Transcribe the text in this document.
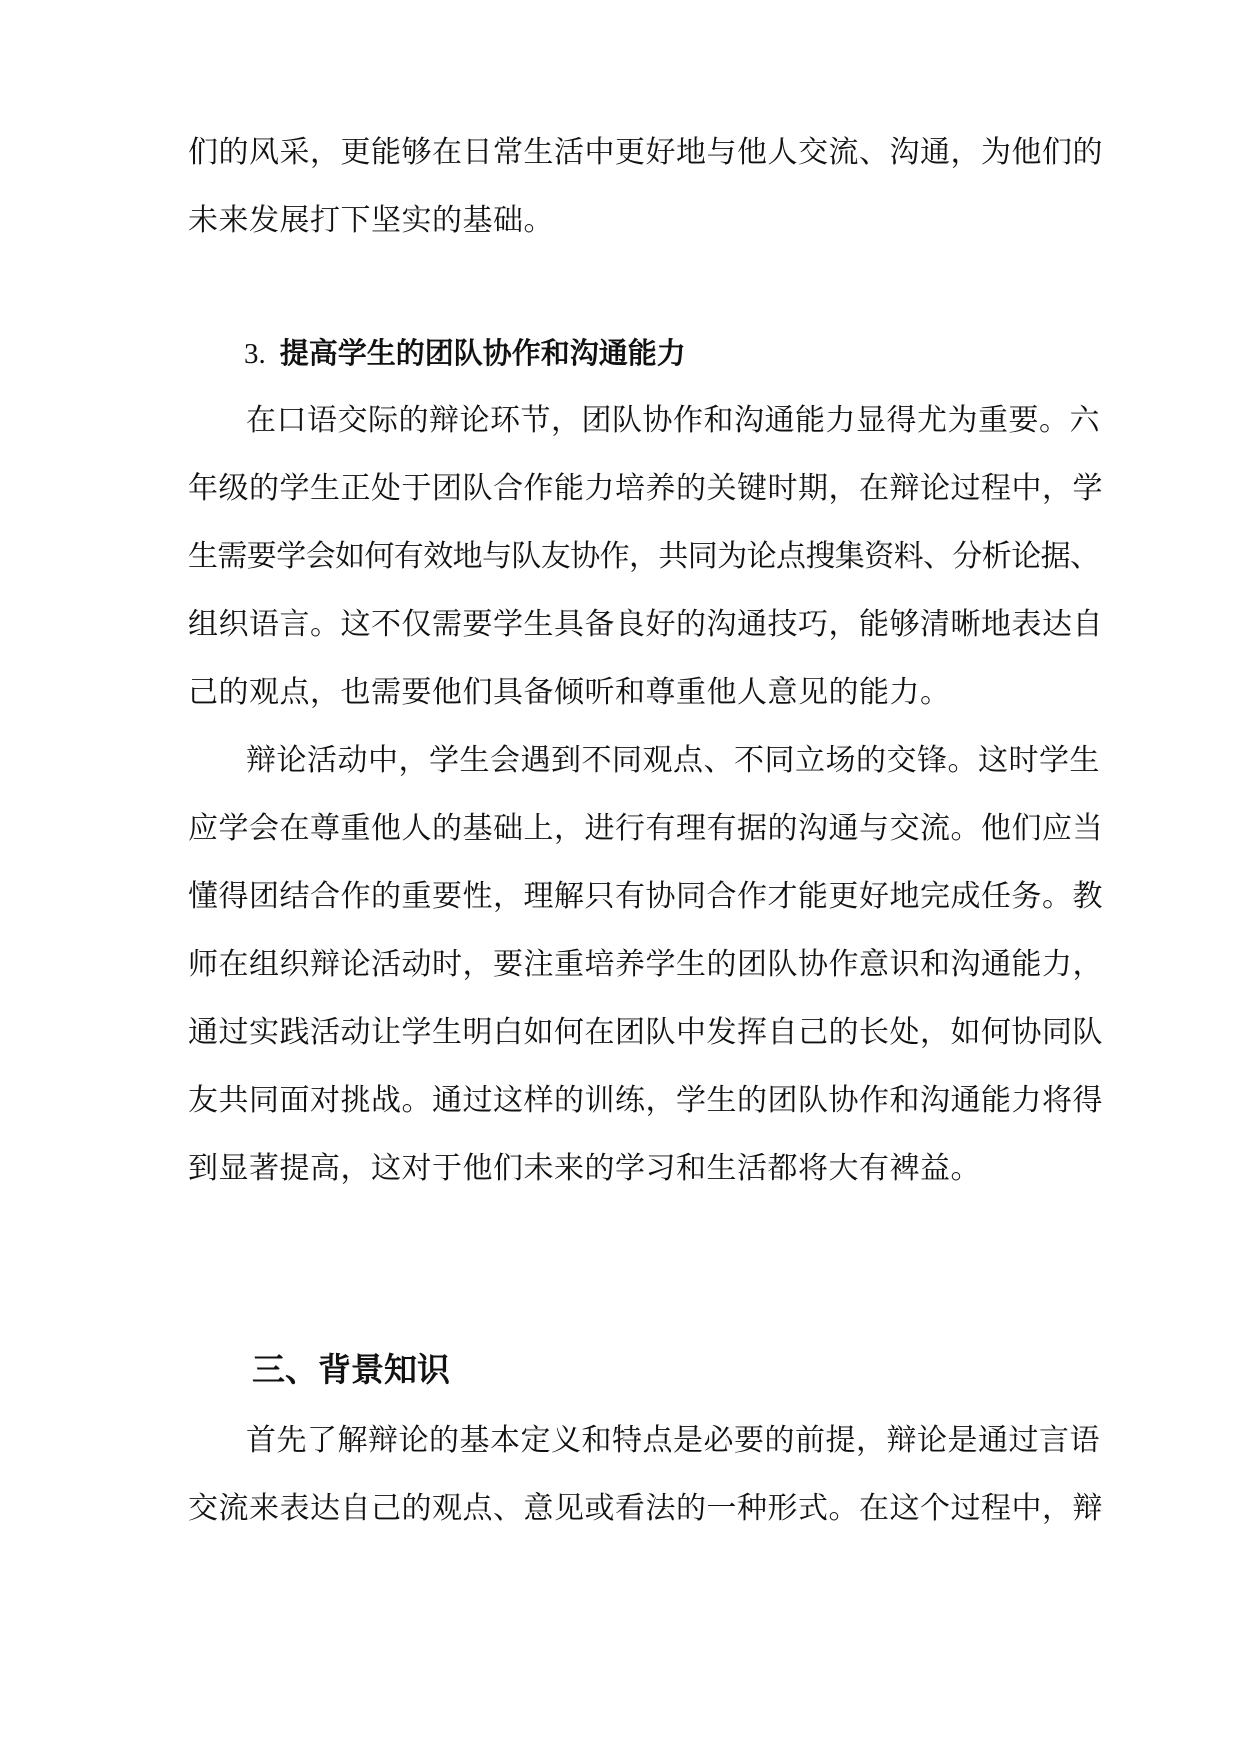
们的风采，更能够在日常生活中更好地与他人交流、沟通，为他们的
未来发展打下坚实的基础。
3. 提高学生的团队协作和沟通能力
在口语交际的辩论环节，团队协作和沟通能力显得尤为重要。六
年级的学生正处于团队合作能力培养的关键时期，在辩论过程中，学
生需要学会如何有效地与队友协作，共同为论点搜集资料、分析论据、
组织语言。这不仅需要学生具备良好的沟通技巧，能够清晰地表达自
己的观点，也需要他们具备倾听和尊重他人意见的能力。
辩论活动中，学生会遇到不同观点、不同立场的交锋。这时学生
应学会在尊重他人的基础上，进行有理有据的沟通与交流。他们应当
懂得团结合作的重要性，理解只有协同合作才能更好地完成任务。教
师在组织辩论活动时，要注重培养学生的团队协作意识和沟通能力，
通过实践活动让学生明白如何在团队中发挥自己的长处，如何协同队
友共同面对挑战。通过这样的训练，学生的团队协作和沟通能力将得
到显著提高，这对于他们未来的学习和生活都将大有裨益。
三、背景知识
首先了解辩论的基本定义和特点是必要的前提，辩论是通过言语
交流来表达自己的观点、意见或看法的一种形式。在这个过程中，辩
